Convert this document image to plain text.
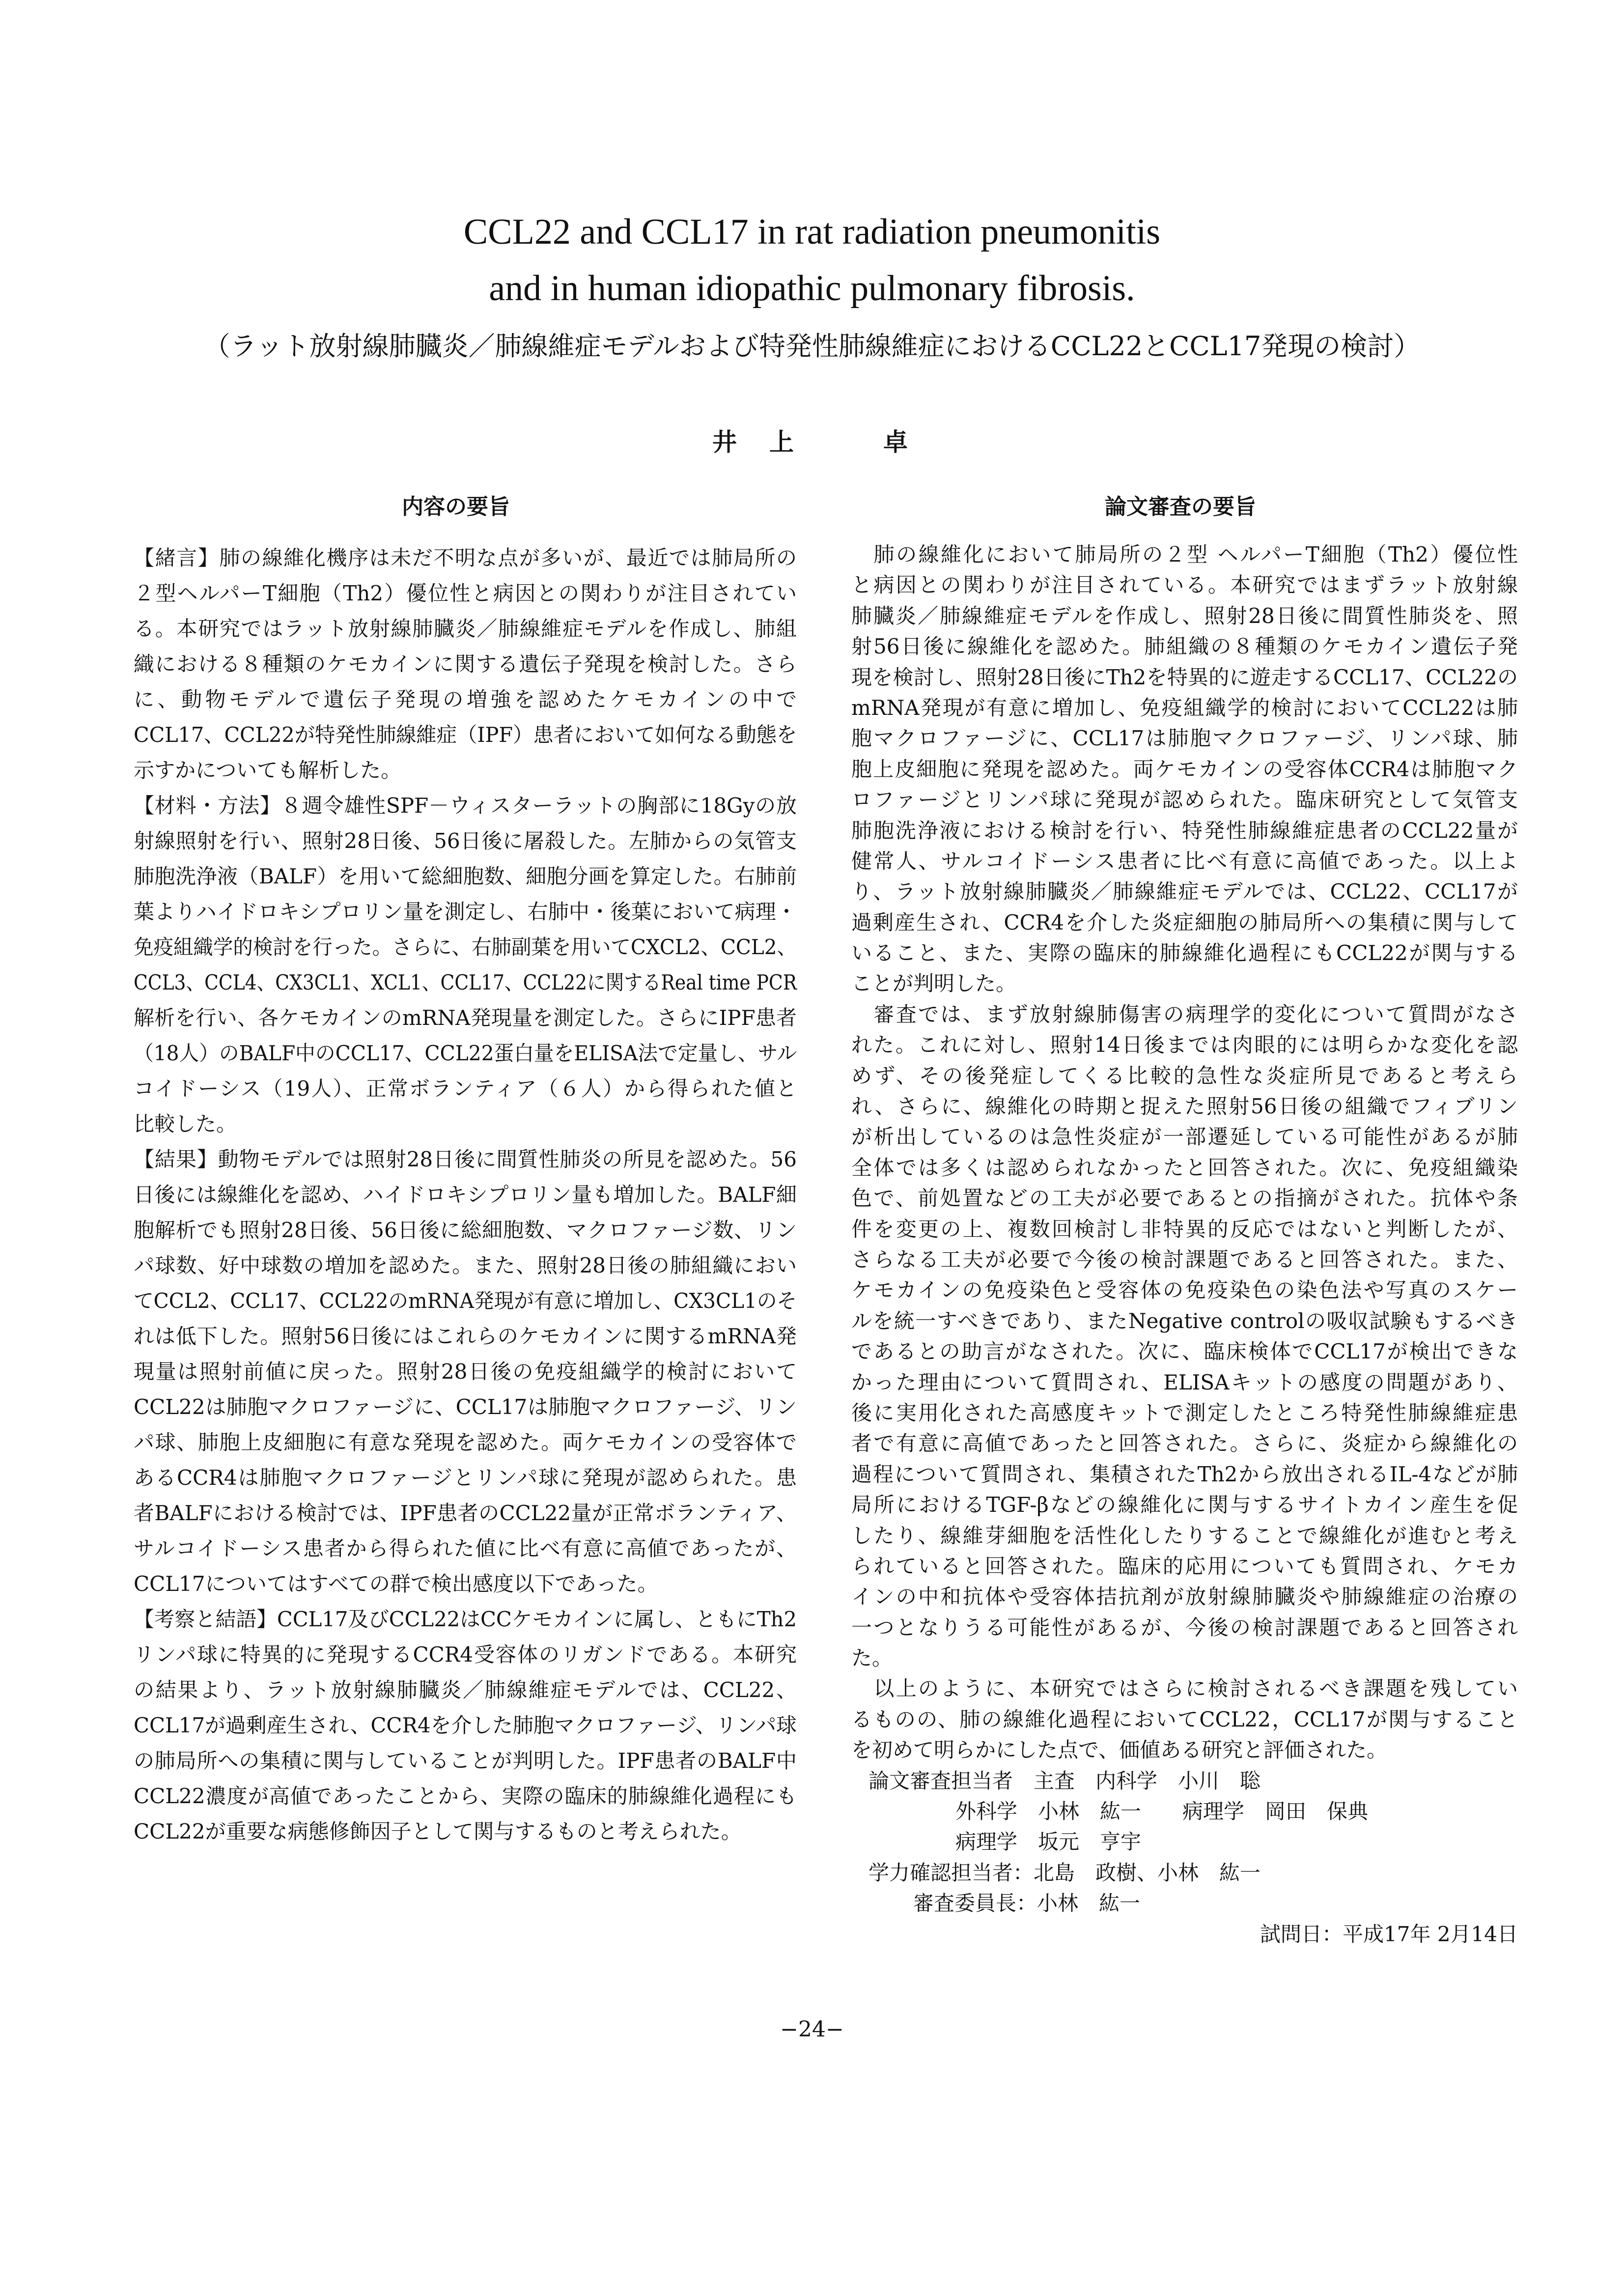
CCL22 and CCL17 in rat radiation pneumonitis
and in human idiopathic pulmonary fibrosis.
（ラット放射線肺臓炎／肺線維症モデルおよび特発性肺線維症におけるCCL22とCCL17発現の検討）
井　上　　　卓
内容の要旨	論文審査の要旨
【緒言】肺の線維化機序は未だ不明な点が多いが、最近では肺局所の
２型ヘルパーT細胞（Th2）優位性と病因との関わりが注目されてい
る。本研究ではラット放射線肺臓炎／肺線維症モデルを作成し、肺組
織における８種類のケモカインに関する遺伝子発現を検討した。さら
に、動物モデルで遺伝子発現の増強を認めたケモカインの中で
CCL17、CCL22が特発性肺線維症（IPF）患者において如何なる動態を
示すかについても解析した。
【材料・方法】８週令雄性SPF－ウィスターラットの胸部に18Gyの放
射線照射を行い、照射28日後、56日後に屠殺した。左肺からの気管支
肺胞洗浄液（BALF）を用いて総細胞数、細胞分画を算定した。右肺前
葉よりハイドロキシプロリン量を測定し、右肺中・後葉において病理・
免疫組織学的検討を行った。さらに、右肺副葉を用いてCXCL2、CCL2、
CCL3、CCL4、CX3CL1、XCL1、CCL17、CCL22に関するReal time PCR
解析を行い、各ケモカインのmRNA発現量を測定した。さらにIPF患者
（18人）のBALF中のCCL17、CCL22蛋白量をELISA法で定量し、サル
コイドーシス（19人）、正常ボランティア（６人）から得られた値と
比較した。
【結果】動物モデルでは照射28日後に間質性肺炎の所見を認めた。56
日後には線維化を認め、ハイドロキシプロリン量も増加した。BALF細
胞解析でも照射28日後、56日後に総細胞数、マクロファージ数、リン
パ球数、好中球数の増加を認めた。また、照射28日後の肺組織におい
てCCL2、CCL17、CCL22のmRNA発現が有意に増加し、CX3CL1のそ
れは低下した。照射56日後にはこれらのケモカインに関するmRNA発
現量は照射前値に戻った。照射28日後の免疫組織学的検討において
CCL22は肺胞マクロファージに、CCL17は肺胞マクロファージ、リン
パ球、肺胞上皮細胞に有意な発現を認めた。両ケモカインの受容体で
あるCCR4は肺胞マクロファージとリンパ球に発現が認められた。患
者BALFにおける検討では、IPF患者のCCL22量が正常ボランティア、
サルコイドーシス患者から得られた値に比べ有意に高値であったが、
CCL17についてはすべての群で検出感度以下であった。
【考察と結語】CCL17及びCCL22はCCケモカインに属し、ともにTh2
リンパ球に特異的に発現するCCR4受容体のリガンドである。本研究
の結果より、ラット放射線肺臓炎／肺線維症モデルでは、CCL22、
CCL17が過剰産生され、CCR4を介した肺胞マクロファージ、リンパ球
の肺局所への集積に関与していることが判明した。IPF患者のBALF中
CCL22濃度が高値であったことから、実際の臨床的肺線維化過程にも
CCL22が重要な病態修飾因子として関与するものと考えられた。
　肺の線維化において肺局所の２型 ヘルパーT細胞（Th2）優位性
と病因との関わりが注目されている。本研究ではまずラット放射線
肺臓炎／肺線維症モデルを作成し、照射28日後に間質性肺炎を、照
射56日後に線維化を認めた。肺組織の８種類のケモカイン遺伝子発
現を検討し、照射28日後にTh2を特異的に遊走するCCL17、CCL22の
mRNA発現が有意に増加し、免疫組織学的検討においてCCL22は肺
胞マクロファージに、CCL17は肺胞マクロファージ、リンパ球、肺
胞上皮細胞に発現を認めた。両ケモカインの受容体CCR4は肺胞マク
ロファージとリンパ球に発現が認められた。臨床研究として気管支
肺胞洗浄液における検討を行い、特発性肺線維症患者のCCL22量が
健常人、サルコイドーシス患者に比べ有意に高値であった。以上よ
り、ラット放射線肺臓炎／肺線維症モデルでは、CCL22、CCL17が
過剰産生され、CCR4を介した炎症細胞の肺局所への集積に関与して
いること、また、実際の臨床的肺線維化過程にもCCL22が関与する
ことが判明した。
　審査では、まず放射線肺傷害の病理学的変化について質問がなさ
れた。これに対し、照射14日後までは肉眼的には明らかな変化を認
めず、その後発症してくる比較的急性な炎症所見であると考えら
れ、さらに、線維化の時期と捉えた照射56日後の組織でフィブリン
が析出しているのは急性炎症が一部遷延している可能性があるが肺
全体では多くは認められなかったと回答された。次に、免疫組織染
色で、前処置などの工夫が必要であるとの指摘がされた。抗体や条
件を変更の上、複数回検討し非特異的反応ではないと判断したが、
さらなる工夫が必要で今後の検討課題であると回答された。また、
ケモカインの免疫染色と受容体の免疫染色の染色法や写真のスケー
ルを統一すべきであり、またNegative controlの吸収試験もするべき
であるとの助言がなされた。次に、臨床検体でCCL17が検出できな
かった理由について質問され、ELISAキットの感度の問題があり、
後に実用化された高感度キットで測定したところ特発性肺線維症患
者で有意に高値であったと回答された。さらに、炎症から線維化の
過程について質問され、集積されたTh2から放出されるIL-4などが肺
局所におけるTGF-βなどの線維化に関与するサイトカイン産生を促
したり、線維芽細胞を活性化したりすることで線維化が進むと考え
られていると回答された。臨床的応用についても質問され、ケモカ
インの中和抗体や受容体拮抗剤が放射線肺臓炎や肺線維症の治療の
一つとなりうる可能性があるが、今後の検討課題であると回答され
た。
　以上のように、本研究ではさらに検討されるべき課題を残してい
るものの、肺の線維化過程においてCCL22，CCL17が関与すること
を初めて明らかにした点で、価値ある研究と評価された。
論文審査担当者　主査　内科学　小川　聡
外科学　小林　紘一　　病理学　岡田　保典
病理学　坂元　亨宇
学力確認担当者：北島　政樹、小林　紘一
審査委員長：小林　紘一
試問日：平成17年 2月14日
−24−
